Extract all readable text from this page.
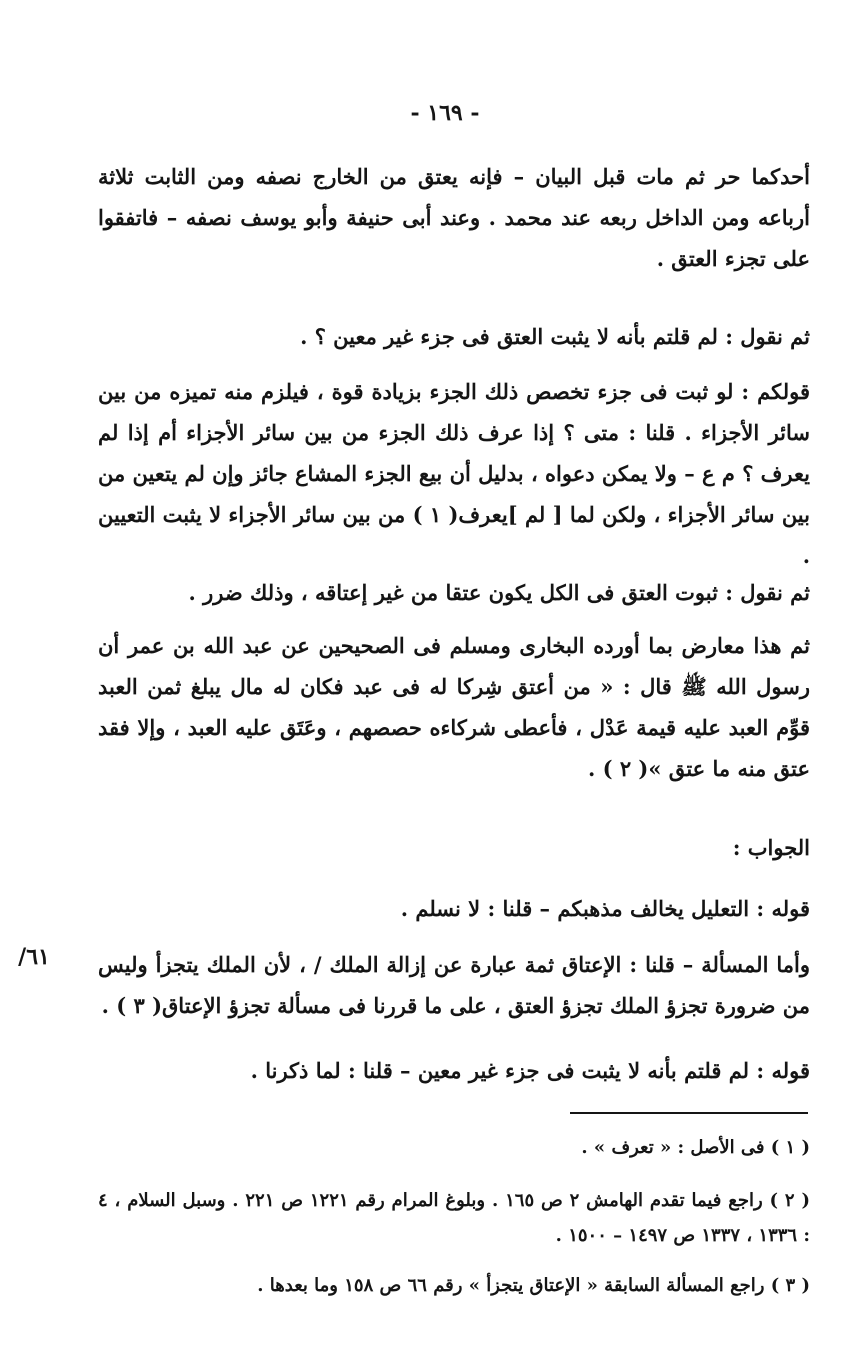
- ١٦٩ -
٦١/

أحدكما حر ثم مات قبل البيان – فإنه يعتق من الخارج نصفه ومن الثابت ثلاثة أرباعه ومن الداخل ربعه عند محمد . وعند أبى حنيفة وأبو يوسف نصفه – فاتفقوا على تجزء العتق .

ثم نقول : لم قلتم بأنه لا يثبت العتق فى جزء غير معين ؟ .

قولكم : لو ثبت فى جزء تخصص ذلك الجزء بزيادة قوة ، فيلزم منه تميزه من بين سائر الأجزاء . قلنا : متى ؟ إذا عرف ذلك الجزء من بين سائر الأجزاء أم إذا لم يعرف ؟ م ع – ولا يمكن دعواه ، بدليل أن بيع الجزء المشاع جائز وإن لم يتعين من بين سائر الأجزاء ، ولكن لما [ لم ]يعرف( ١ ) من بين سائر الأجزاء لا يثبت التعيين .

ثم نقول : ثبوت العتق فى الكل يكون عتقا من غير إعتاقه ، وذلك ضرر .

ثم هذا معارض بما أورده البخارى ومسلم فى الصحيحين عن عبد الله بن عمر أن رسول الله ﷺ قال : « من أعتق شِركا له فى عبد فكان له مال يبلغ ثمن العبد قوِّم العبد عليه قيمة عَدْل ، فأعطى شركاءه حصصهم ، وعَتَق عليه العبد ، وإلا فقد عتق منه ما عتق »( ٢ ) .

الجواب :

قوله : التعليل يخالف مذهبكم – قلنا : لا نسلم .

وأما المسألة – قلنا : الإعتاق ثمة عبارة عن إزالة الملك / ، لأن الملك يتجزأ وليس من ضرورة تجزؤ الملك تجزؤ العتق ، على ما قررنا فى مسألة تجزؤ الإعتاق( ٣ ) .

قوله : لم قلتم بأنه لا يثبت فى جزء غير معين – قلنا : لما ذكرنا .

( ١ ) فى الأصل : « تعرف » .

( ٢ ) راجع فيما تقدم الهامش ٢ ص ١٦٥ . وبلوغ المرام رقم ١٢٢١ ص ٢٢١ . وسبل السلام ، ٤ : ١٣٣٦ ، ١٣٣٧ ص ١٤٩٧ – ١٥٠٠ .

( ٣ ) راجع المسألة السابقة « الإعتاق يتجزأ » رقم ٦٦ ص ١٥٨ وما بعدها .
